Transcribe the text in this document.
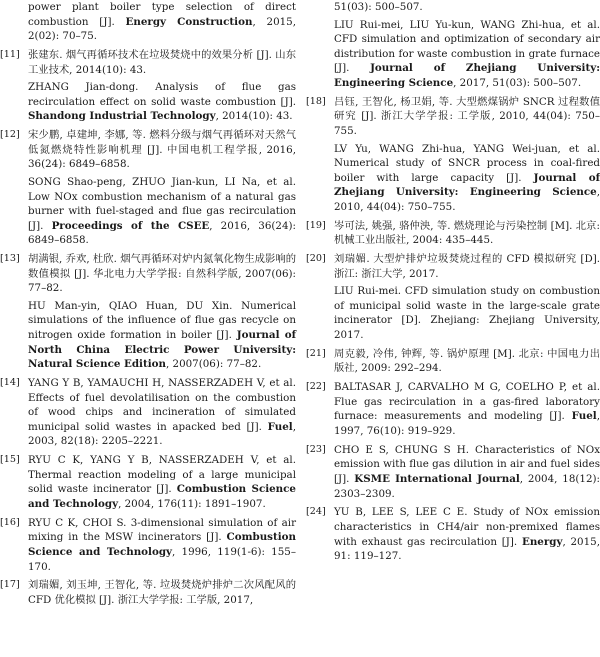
power plant boiler type selection of direct combustion [J]. Energy Construction, 2015, 2(02): 70–75.

[11] 张建东. 烟气再循环技术在垃圾焚烧中的效果分析 [J]. 山东工业技术, 2014(10): 43.

ZHANG Jian-dong. Analysis of flue gas recirculation effect on solid waste combustion [J]. Shandong Industrial Technology, 2014(10): 43.

[12] 宋少鹏, 卓建坤, 李娜, 等. 燃料分级与烟气再循环对天然气低氮燃烧特性影响机理 [J]. 中国电机工程学报, 2016, 36(24): 6849–6858.

SONG Shao-peng, ZHUO Jian-kun, LI Na, et al. Low NOx combustion mechanism of a natural gas burner with fuel-staged and flue gas recirculation [J]. Proceedings of the CSEE, 2016, 36(24): 6849–6858.

[13] 胡满银, 乔欢, 杜欣. 烟气再循环对炉内氮氧化物生成影响的数值模拟 [J]. 华北电力大学学报: 自然科学版, 2007(06): 77–82.

HU Man-yin, QIAO Huan, DU Xin. Numerical simulations of the influence of flue gas recycle on nitrogen oxide formation in boiler [J]. Journal of North China Electric Power University: Natural Science Edition, 2007(06): 77–82.

[14] YANG Y B, YAMAUCHI H, NASSERZADEH V, et al. Effects of fuel devolatilisation on the combustion of wood chips and incineration of simulated municipal solid wastes in apacked bed [J]. Fuel, 2003, 82(18): 2205–2221.

[15] RYU C K, YANG Y B, NASSERZADEH V, et al. Thermal reaction modeling of a large municipal solid waste incinerator [J]. Combustion Science and Technology, 2004, 176(11): 1891–1907.

[16] RYU C K, CHOI S. 3-dimensional simulation of air mixing in the MSW incinerators [J]. Combustion Science and Technology, 1996, 119(1-6): 155–170.

[17] 刘瑞媚, 刘玉坤, 王智化, 等. 垃圾焚烧炉排炉二次风配风的 CFD 优化模拟 [J]. 浙江大学学报: 工学版, 2017,

51(03): 500–507.

LIU Rui-mei, LIU Yu-kun, WANG Zhi-hua, et al. CFD simulation and optimization of secondary air distribution for waste combustion in grate furnace [J]. Journal of Zhejiang University: Engineering Science, 2017, 51(03): 500–507.

[18] 吕钰, 王智化, 杨卫娟, 等. 大型燃煤锅炉 SNCR 过程数值研究 [J]. 浙江大学学报: 工学版, 2010, 44(04): 750–755.

LV Yu, WANG Zhi-hua, YANG Wei-juan, et al. Numerical study of SNCR process in coal-fired boiler with large capacity [J]. Journal of Zhejiang University: Engineering Science, 2010, 44(04): 750–755.

[19] 岑可法, 姚强, 骆仲泱, 等. 燃烧理论与污染控制 [M]. 北京: 机械工业出版社, 2004: 435–445.

[20] 刘瑞媚. 大型炉排炉垃圾焚烧过程的 CFD 模拟研究 [D]. 浙江: 浙江大学, 2017.

LIU Rui-mei. CFD simulation study on combustion of municipal solid waste in the large-scale grate incinerator [D]. Zhejiang: Zhejiang University, 2017.

[21] 周克毅, 冷伟, 钟辉, 等. 锅炉原理 [M]. 北京: 中国电力出版社, 2009: 292–294.

[22] BALTASAR J, CARVALHO M G, COELHO P, et al. Flue gas recirculation in a gas-fired laboratory furnace: measurements and modeling [J]. Fuel, 1997, 76(10): 919–929.

[23] CHO E S, CHUNG S H. Characteristics of NOx emission with flue gas dilution in air and fuel sides [J]. KSME International Journal, 2004, 18(12): 2303–2309.

[24] YU B, LEE S, LEE C E. Study of NOx emission characteristics in CH4/air non-premixed flames with exhaust gas recirculation [J]. Energy, 2015, 91: 119–127.
